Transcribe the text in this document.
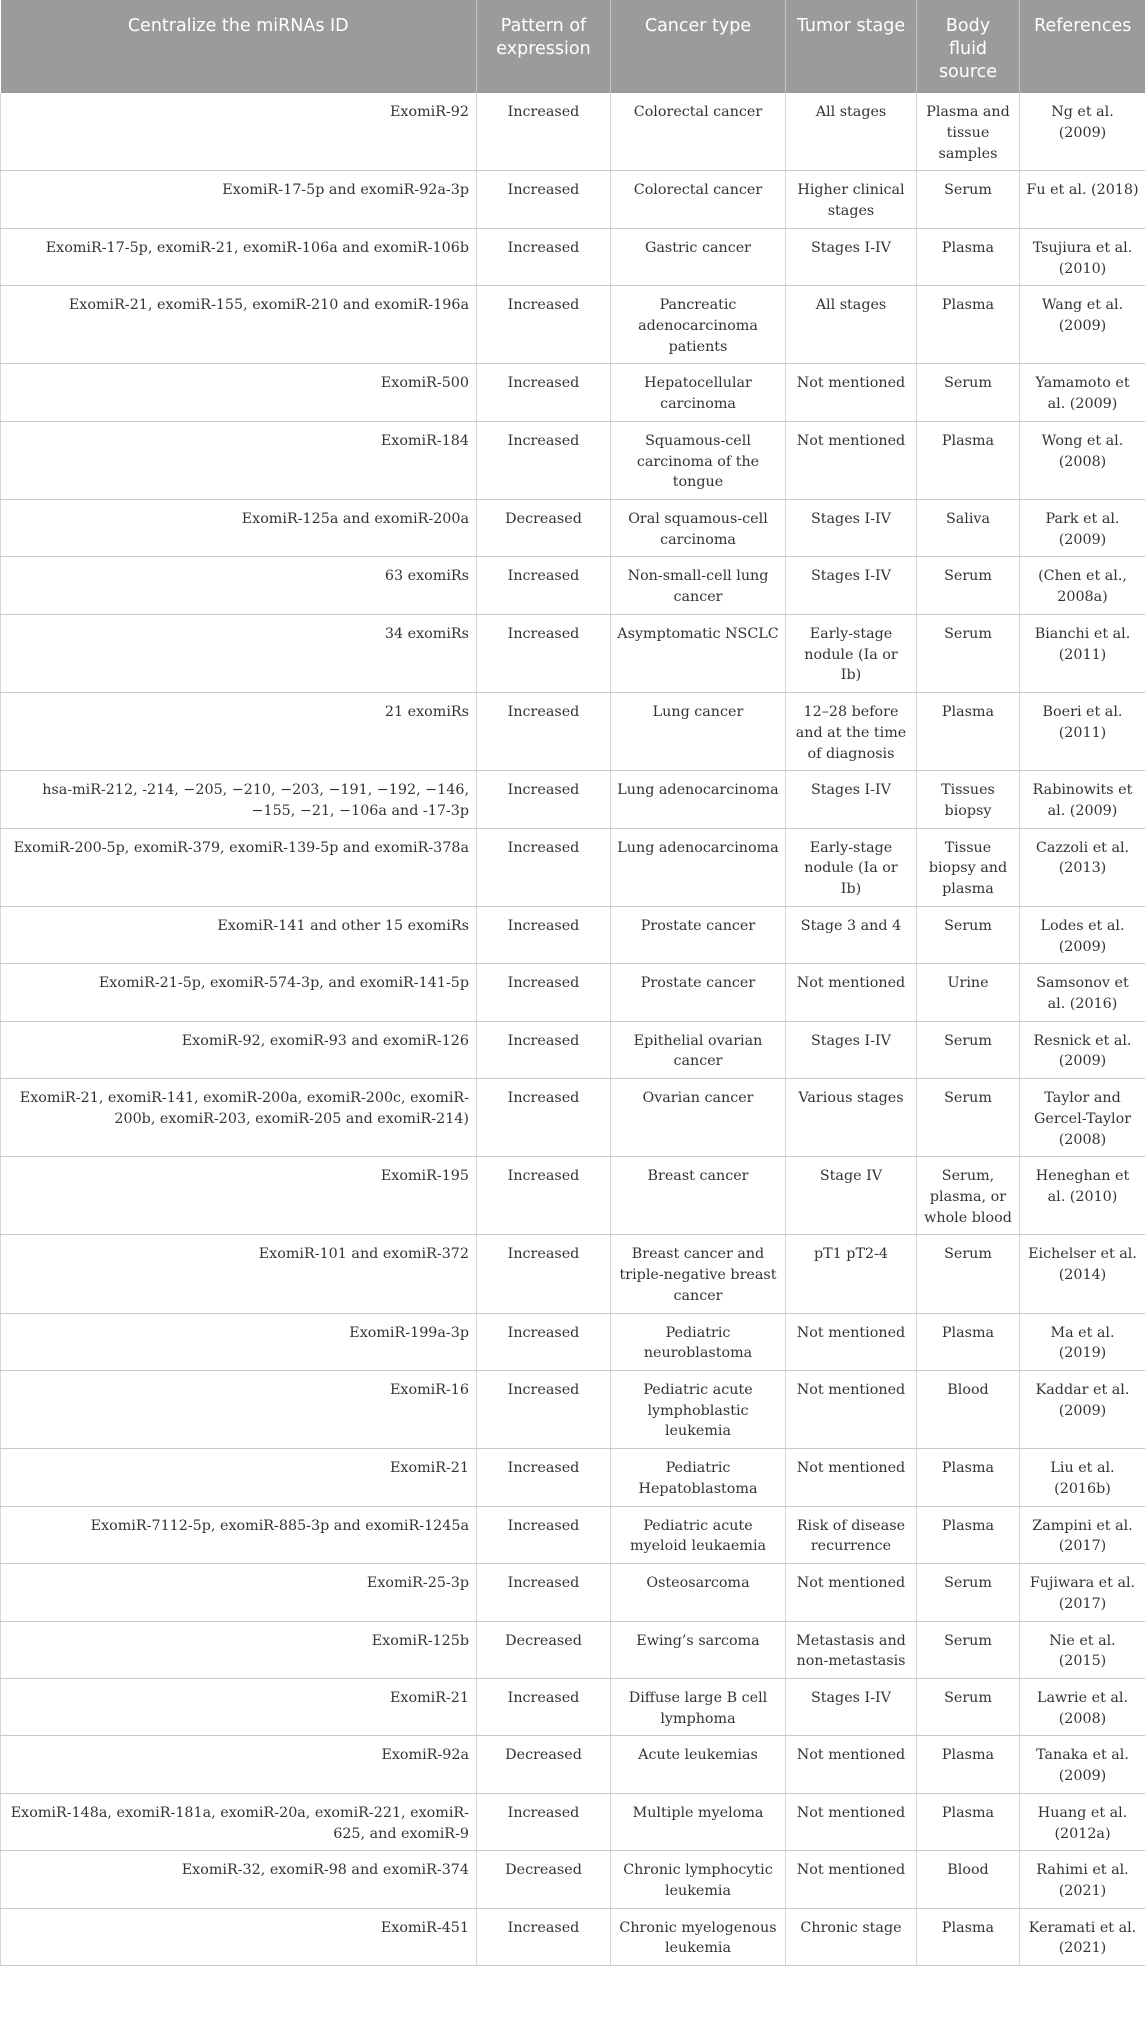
Centralize the miRNAs ID	Pattern of expression	Cancer type	Tumor stage	Body fluid source	References
ExomiR-92	Increased	Colorectal cancer	All stages	Plasma and tissue samples	Ng et al. (2009)
ExomiR-17-5p and exomiR-92a-3p	Increased	Colorectal cancer	Higher clinical stages	Serum	Fu et al. (2018)
ExomiR-17-5p, exomiR-21, exomiR-106a and exomiR-106b	Increased	Gastric cancer	Stages I-IV	Plasma	Tsujiura et al. (2010)
ExomiR-21, exomiR-155, exomiR-210 and exomiR-196a	Increased	Pancreatic adenocarcinoma patients	All stages	Plasma	Wang et al. (2009)
ExomiR-500	Increased	Hepatocellular carcinoma	Not mentioned	Serum	Yamamoto et al. (2009)
ExomiR-184	Increased	Squamous-cell carcinoma of the tongue	Not mentioned	Plasma	Wong et al. (2008)
ExomiR-125a and exomiR-200a	Decreased	Oral squamous-cell carcinoma	Stages I-IV	Saliva	Park et al. (2009)
63 exomiRs	Increased	Non-small-cell lung cancer	Stages I-IV	Serum	(Chen et al., 2008a)
34 exomiRs	Increased	Asymptomatic NSCLC	Early-stage nodule (Ia or Ib)	Serum	Bianchi et al. (2011)
21 exomiRs	Increased	Lung cancer	12–28 before and at the time of diagnosis	Plasma	Boeri et al. (2011)
hsa-miR-212, -214, −205, −210, −203, −191, −192, −146, −155, −21, −106a and -17-3p	Increased	Lung adenocarcinoma	Stages I-IV	Tissues biopsy	Rabinowits et al. (2009)
ExomiR-200-5p, exomiR-379, exomiR-139-5p and exomiR-378a	Increased	Lung adenocarcinoma	Early-stage nodule (Ia or Ib)	Tissue biopsy and plasma	Cazzoli et al. (2013)
ExomiR-141 and other 15 exomiRs	Increased	Prostate cancer	Stage 3 and 4	Serum	Lodes et al. (2009)
ExomiR-21-5p, exomiR-574-3p, and exomiR-141-5p	Increased	Prostate cancer	Not mentioned	Urine	Samsonov et al. (2016)
ExomiR-92, exomiR-93 and exomiR-126	Increased	Epithelial ovarian cancer	Stages I-IV	Serum	Resnick et al. (2009)
ExomiR-21, exomiR-141, exomiR-200a, exomiR-200c, exomiR-200b, exomiR-203, exomiR-205 and exomiR-214)	Increased	Ovarian cancer	Various stages	Serum	Taylor and Gercel-Taylor (2008)
ExomiR-195	Increased	Breast cancer	Stage IV	Serum, plasma, or whole blood	Heneghan et al. (2010)
ExomiR-101 and exomiR-372	Increased	Breast cancer and triple-negative breast cancer	pT1 pT2-4	Serum	Eichelser et al. (2014)
ExomiR-199a-3p	Increased	Pediatric neuroblastoma	Not mentioned	Plasma	Ma et al. (2019)
ExomiR-16	Increased	Pediatric acute lymphoblastic leukemia	Not mentioned	Blood	Kaddar et al. (2009)
ExomiR-21	Increased	Pediatric Hepatoblastoma	Not mentioned	Plasma	Liu et al. (2016b)
ExomiR-7112-5p, exomiR-885-3p and exomiR-1245a	Increased	Pediatric acute myeloid leukaemia	Risk of disease recurrence	Plasma	Zampini et al. (2017)
ExomiR-25-3p	Increased	Osteosarcoma	Not mentioned	Serum	Fujiwara et al. (2017)
ExomiR-125b	Decreased	Ewing’s sarcoma	Metastasis and non-metastasis	Serum	Nie et al. (2015)
ExomiR-21	Increased	Diffuse large B cell lymphoma	Stages I-IV	Serum	Lawrie et al. (2008)
ExomiR-92a	Decreased	Acute leukemias	Not mentioned	Plasma	Tanaka et al. (2009)
ExomiR-148a, exomiR-181a, exomiR-20a, exomiR-221, exomiR-625, and exomiR-9	Increased	Multiple myeloma	Not mentioned	Plasma	Huang et al. (2012a)
ExomiR-32, exomiR-98 and exomiR-374	Decreased	Chronic lymphocytic leukemia	Not mentioned	Blood	Rahimi et al. (2021)
ExomiR-451	Increased	Chronic myelogenous leukemia	Chronic stage	Plasma	Keramati et al. (2021)
